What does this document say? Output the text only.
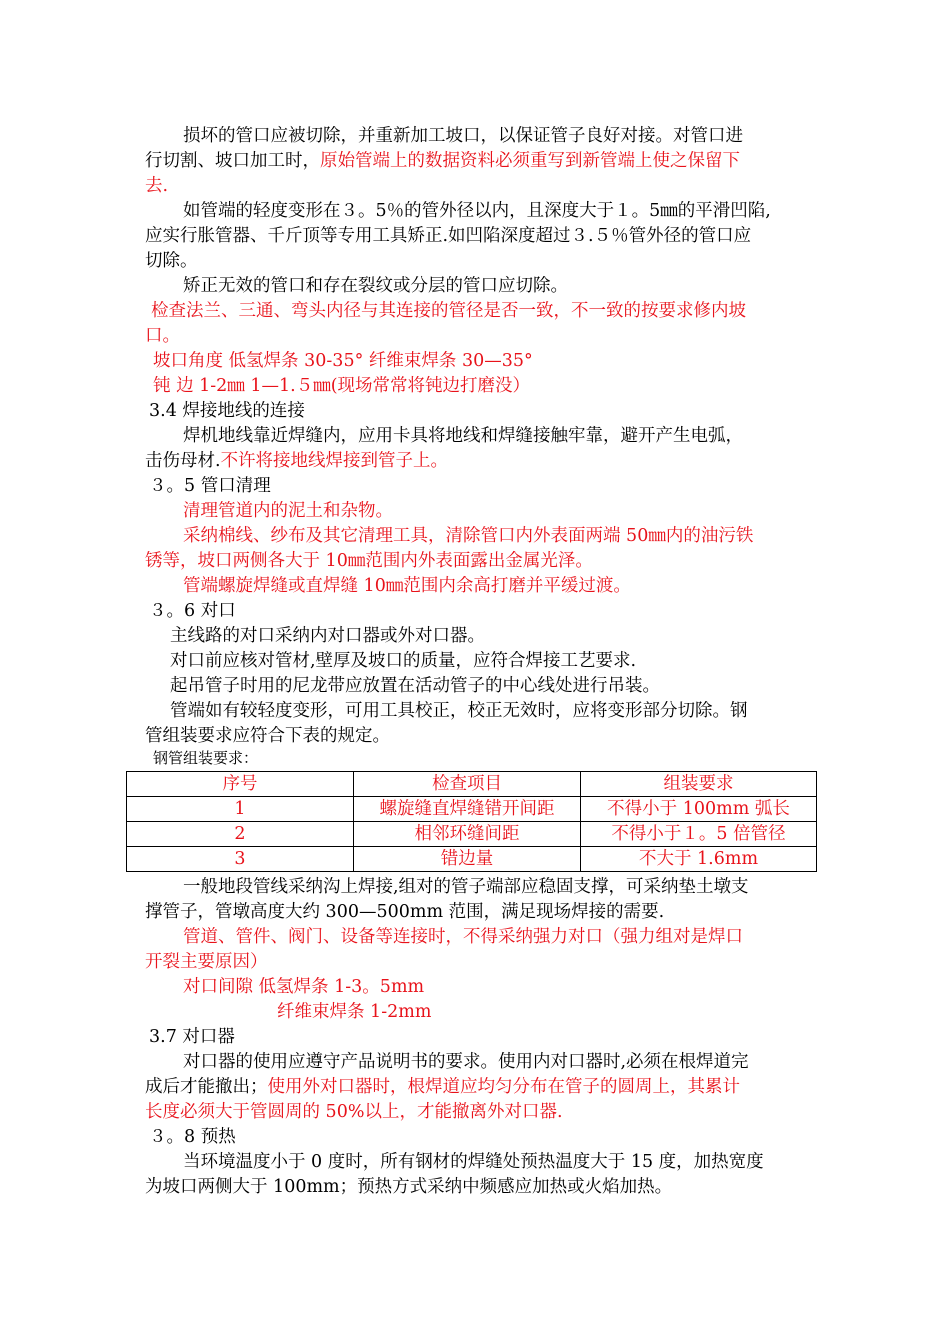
损坏的管口应被切除，并重新加工坡口，以保证管子良好对接。对管口进
行切割、坡口加工时，原始管端上的数据资料必须重写到新管端上使之保留下
去.
如管端的轻度变形在３。5％的管外径以内，且深度大于１。5㎜的平滑凹陷,
应实行胀管器、千斤顶等专用工具矫正.如凹陷深度超过３.５％管外径的管口应
切除。
矫正无效的管口和存在裂纹或分层的管口应切除。
检查法兰、三通、弯头内径与其连接的管径是否一致，不一致的按要求修内坡
口。
坡口角度 低氢焊条 30-35° 纤维束焊条 30—35°
钝 边 1-2㎜ 1—1.５㎜(现场常常将钝边打磨没）
3.4 焊接地线的连接
焊机地线靠近焊缝内，应用卡具将地线和焊缝接触牢靠，避开产生电弧，
击伤母材.不许将接地线焊接到管子上。
３。5 管口清理
清理管道内的泥土和杂物。
采纳棉线、纱布及其它清理工具，清除管口内外表面两端 50㎜内的油污铁
锈等，坡口两侧各大于 10㎜范围内外表面露出金属光泽。
管端螺旋焊缝或直焊缝 10㎜范围内余高打磨并平缓过渡。
３。6 对口
主线路的对口采纳内对口器或外对口器。
对口前应核对管材,壁厚及坡口的质量，应符合焊接工艺要求.
起吊管子时用的尼龙带应放置在活动管子的中心线处进行吊装。
管端如有较轻度变形，可用工具校正，校正无效时，应将变形部分切除。钢
管组装要求应符合下表的规定。
一般地段管线采纳沟上焊接,组对的管子端部应稳固支撑，可采纳垫土墩支
撑管子，管墩高度大约 300—500mm 范围，满足现场焊接的需要.
管道、管件、阀门、设备等连接时，不得采纳强力对口（强力组对是焊口
开裂主要原因）
对口间隙 低氢焊条 1-3。5mm
纤维束焊条 1-2mm
3.7 对口器
对口器的使用应遵守产品说明书的要求。使用内对口器时,必须在根焊道完
成后才能撤出；使用外对口器时，根焊道应均匀分布在管子的圆周上，其累计
长度必须大于管圆周的 50%以上，才能撤离外对口器.
３。8 预热
当环境温度小于 0 度时，所有钢材的焊缝处预热温度大于 15 度，加热宽度
为坡口两侧大于 100mm；预热方式采纳中频感应加热或火焰加热。
钢管组装要求：
序号	检查项目	组装要求
1	螺旋缝直焊缝错开间距	不得小于 100mm 弧长
2	相邻环缝间距	不得小于１。5 倍管径
3	错边量	不大于 1.6mm
